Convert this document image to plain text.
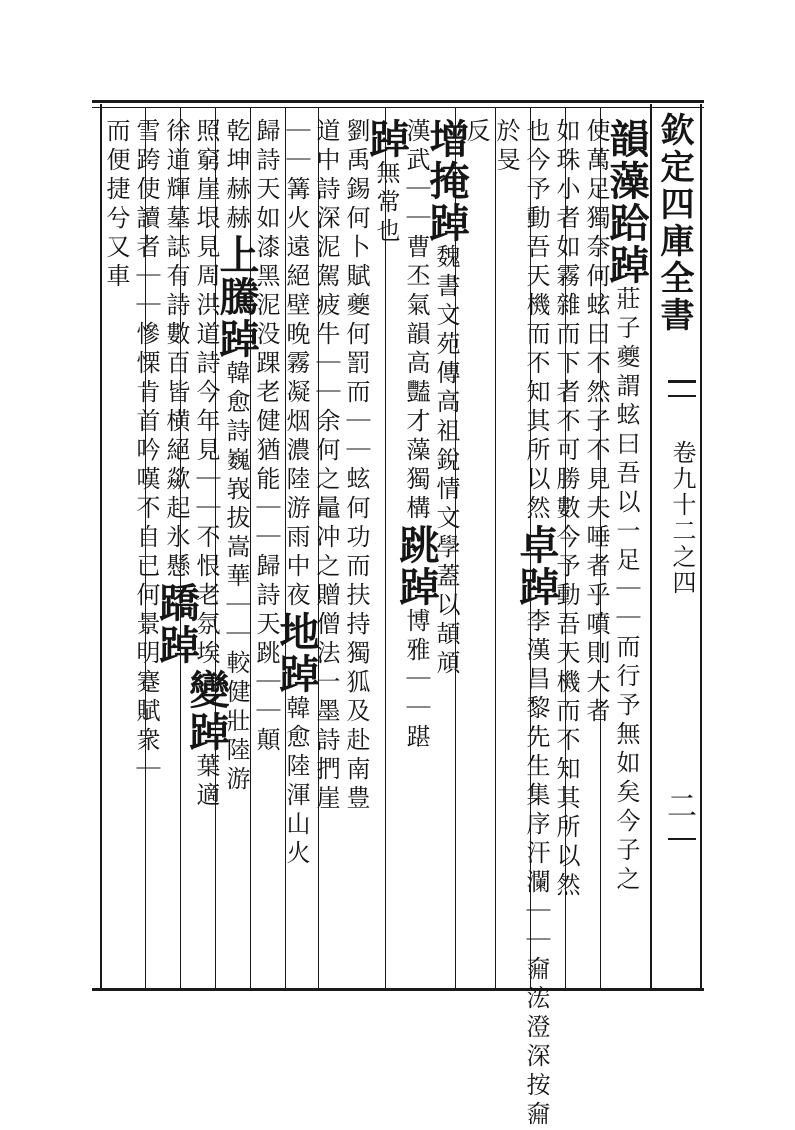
欽定四庫全書
卷九十二之四
二
韻藻跲踔莊子夔謂蚿曰吾以一足｜｜而行予無如矣今子之
使萬足獨奈何蚿曰不然子不見夫唾者乎噴則大者
如珠小者如霧雜而下者不可勝數今予動吾天機而不知其所以然
也今予動吾天機而不知其所以然卓踔李漢昌黎先生集序汗瀾｜｜奫浤澄深按奫
於旻
反
增掩踔魏書文苑傳高祖銳情文學蓋以頡頏
漢武｜｜曹丕氣韻高豔才藻獨構跳踔博雅｜｜踸
踔無常也
劉禹錫何卜賦夔何罰而｜｜蚿何功而扶持獨狐及赴南豊
道中詩深泥駕疲牛｜｜余何之鼂冲之贈僧法一墨詩捫崖
｜｜篝火遠絕壁晚霧凝烟濃陸游雨中夜地踔韓愈陸渾山火
歸詩天如漆黑泥没踝老健猶能｜｜歸詩天跳｜｜顛
乾坤赫赫上騰踔韓愈詩巍峩拔嵩華｜｜較健壯陸游
照窮崖垠見周洪道詩今年見｜｜不恨老氛埃變踔葉適
徐道輝墓誌有詩數百皆横絕歘起氷懸蹻踔
雪跨使讀者｜｜慘慄肯首吟嘆不自已何景明蹇賦衆｜
而便捷兮又車
